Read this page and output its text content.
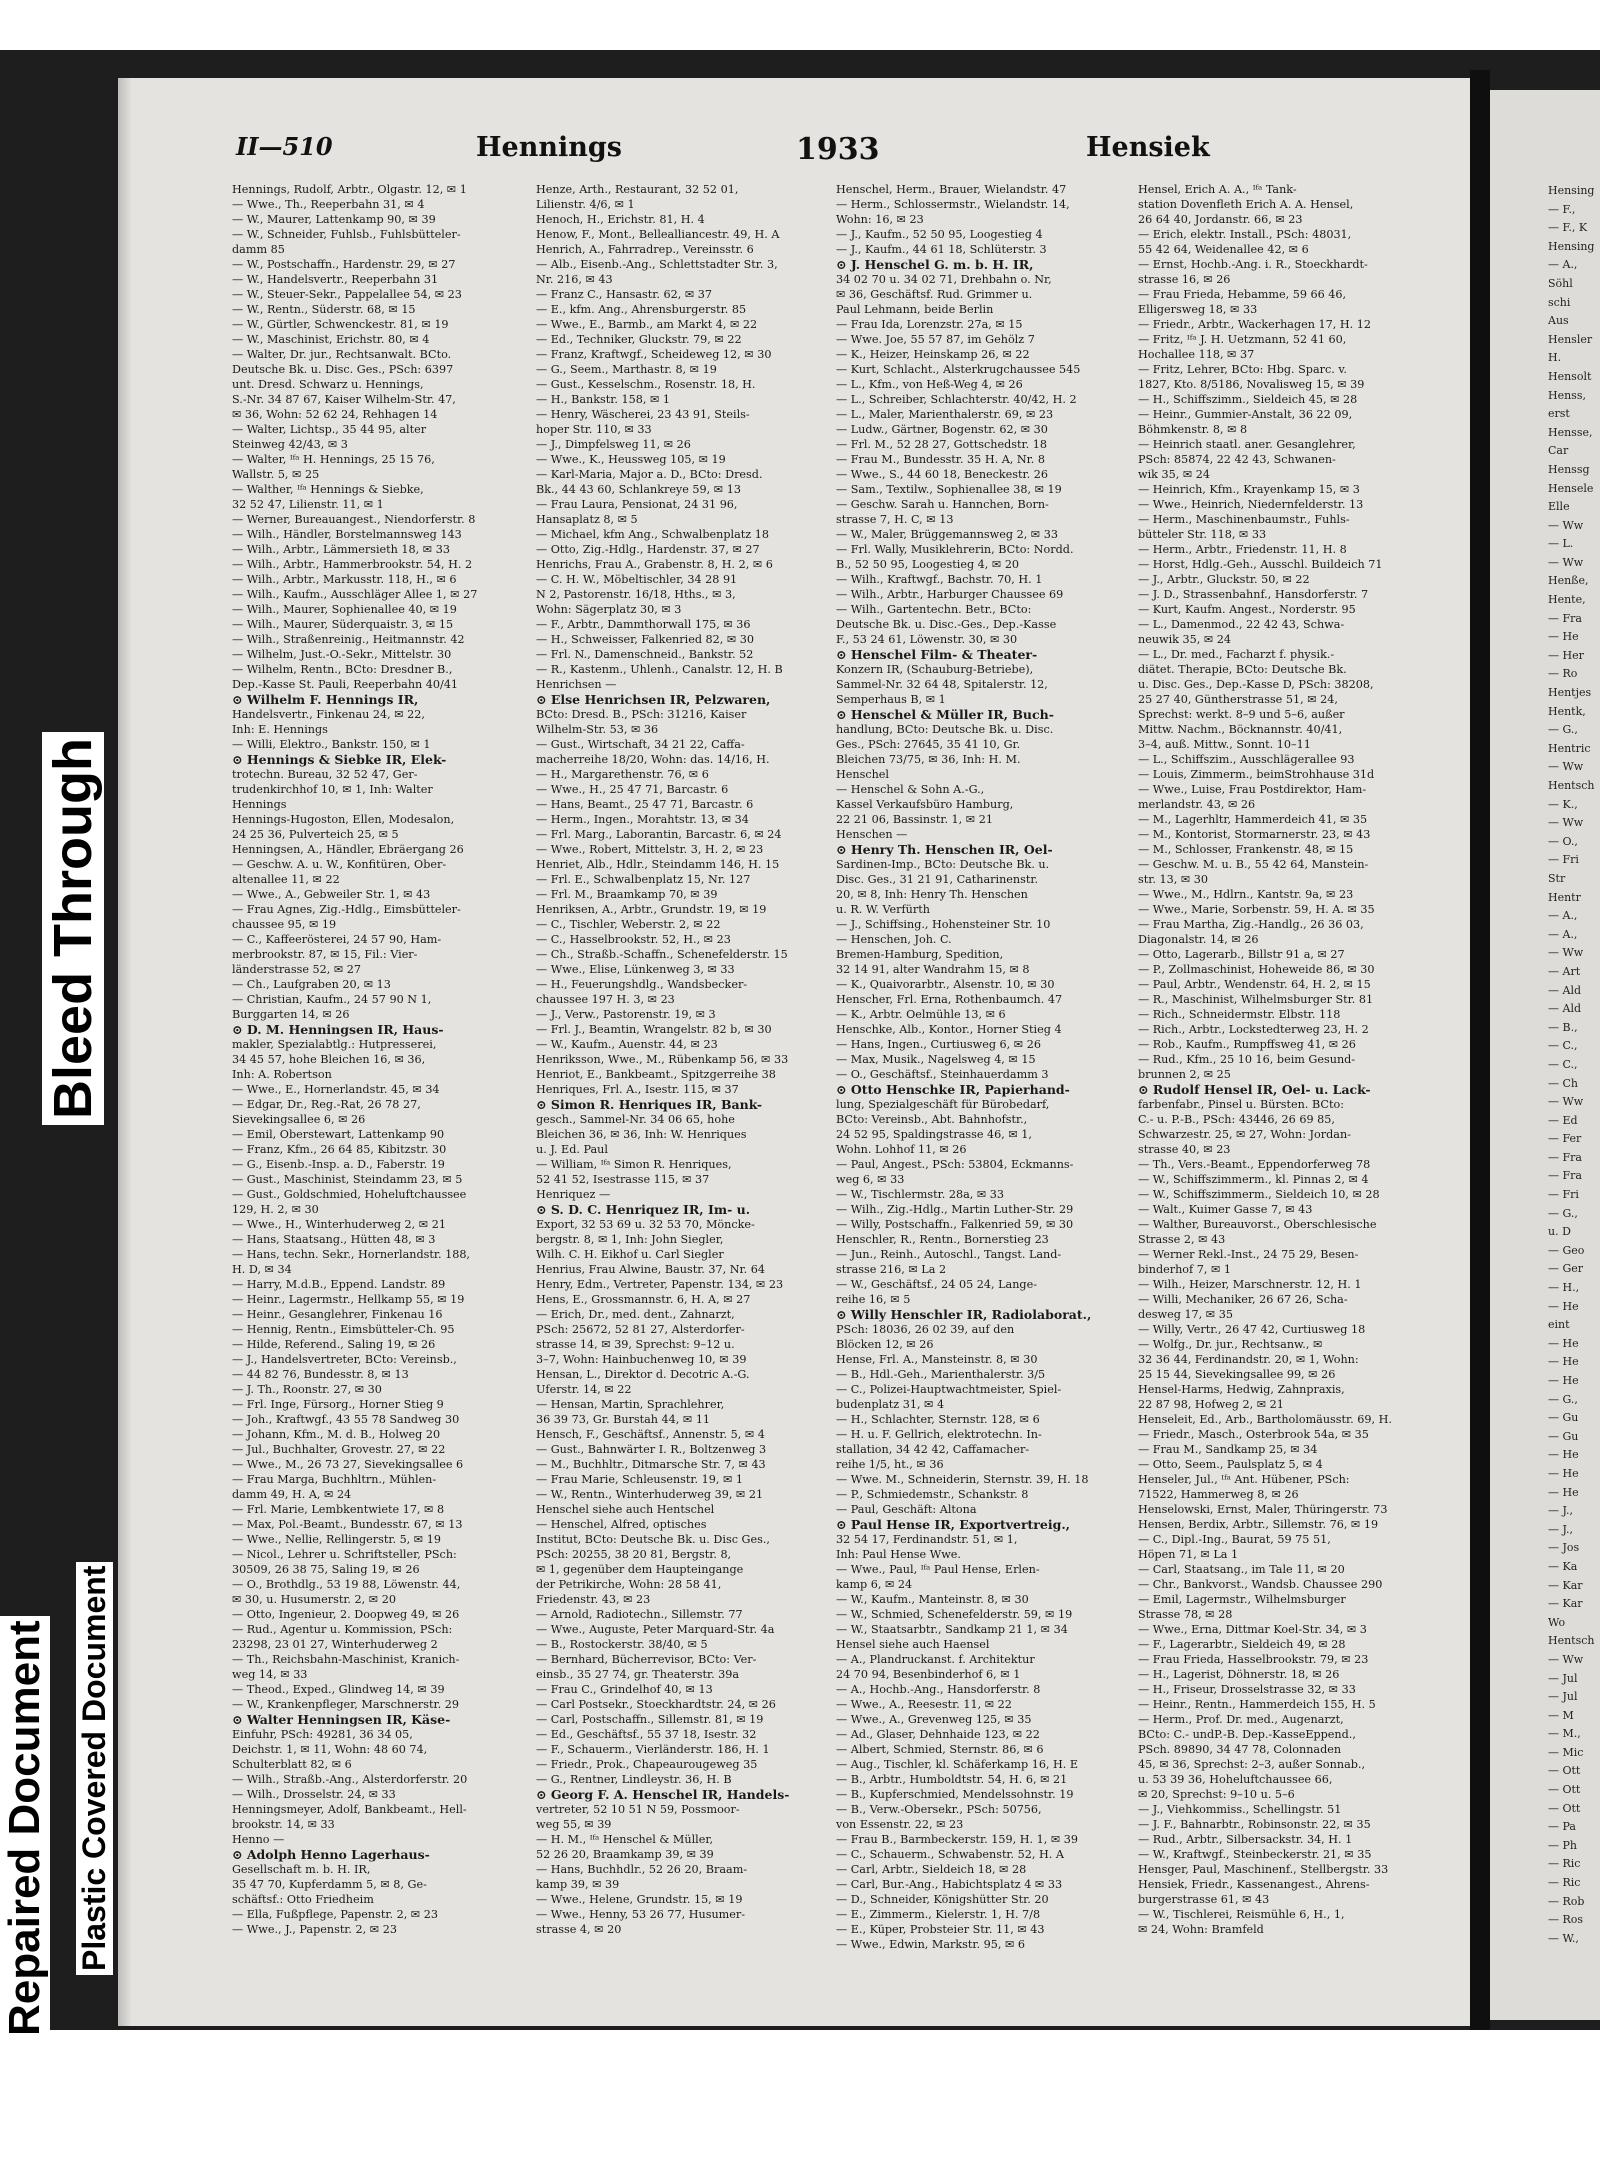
Bleed Through
Repaired Document Plastic Covered Document
II—510	Hennings	1933	Hensiek
Hennings, Rudolf, Arbtr., Olgastr. 12, ✉ 1
— Wwe., Th., Reeperbahn 31, ✉ 4
— W., Maurer, Lattenkamp 90, ✉ 39
— W., Schneider, Fuhlsb., Fuhlsbütteler-
damm 85
— W., Postschaffn., Hardenstr. 29, ✉ 27
— W., Handelsvertr., Reeperbahn 31
— W., Steuer-Sekr., Pappelallee 54, ✉ 23
— W., Rentn., Süderstr. 68, ✉ 15
— W., Gürtler, Schwenckestr. 81, ✉ 19
— W., Maschinist, Erichstr. 80, ✉ 4
— Walter, Dr. jur., Rechtsanwalt. BCto.
Deutsche Bk. u. Disc. Ges., PSch: 6397
unt. Dresd. Schwarz u. Hennings,
S.-Nr. 34 87 67, Kaiser Wilhelm-Str. 47,
✉ 36, Wohn: 52 62 24, Rehhagen 14
— Walter, Lichtsp., 35 44 95, alter
Steinweg 42/43, ✉ 3
— Walter, ᴵᶠᵃ H. Hennings, 25 15 76,
Wallstr. 5, ✉ 25
— Walther, ᴵᶠᵃ Hennings & Siebke,
32 52 47, Lilienstr. 11, ✉ 1
— Werner, Bureauangest., Niendorferstr. 8
— Wilh., Händler, Borstelmannsweg 143
— Wilh., Arbtr., Lämmersieth 18, ✉ 33
— Wilh., Arbtr., Hammerbrookstr. 54, H. 2
— Wilh., Arbtr., Markusstr. 118, H., ✉ 6
— Wilh., Kaufm., Ausschläger Allee 1, ✉ 27
— Wilh., Maurer, Sophienallee 40, ✉ 19
— Wilh., Maurer, Süderquaistr. 3, ✉ 15
— Wilh., Straßenreinig., Heitmannstr. 42
— Wilhelm, Just.-O.-Sekr., Mittelstr. 30
— Wilhelm, Rentn., BCto: Dresdner B.,
Dep.-Kasse St. Pauli, Reeperbahn 40/41
⊙ Wilhelm F. Hennings IR,
Handelsvertr., Finkenau 24, ✉ 22,
Inh: E. Hennings
— Willi, Elektro., Bankstr. 150, ✉ 1
⊙ Hennings & Siebke IR, Elek-
trotechn. Bureau, 32 52 47, Ger-
trudenkirchhof 10, ✉ 1, Inh: Walter
Hennings
Hennings-Hugoston, Ellen, Modesalon,
24 25 36, Pulverteich 25, ✉ 5
Henningsen, A., Händler, Ebräergang 26
— Geschw. A. u. W., Konfitüren, Ober-
altenallee 11, ✉ 22
— Wwe., A., Gebweiler Str. 1, ✉ 43
— Frau Agnes, Zig.-Hdlg., Eimsbütteler-
chaussee 95, ✉ 19
— C., Kaffeerösterei, 24 57 90, Ham-
merbrookstr. 87, ✉ 15, Fil.: Vier-
länderstrasse 52, ✉ 27
— Ch., Laufgraben 20, ✉ 13
— Christian, Kaufm., 24 57 90 N 1,
Burggarten 14, ✉ 26
⊙ D. M. Henningsen IR, Haus-
makler, Spezialabtlg.: Hutpresserei,
34 45 57, hohe Bleichen 16, ✉ 36,
Inh: A. Robertson
— Wwe., E., Hornerlandstr. 45, ✉ 34
— Edgar, Dr., Reg.-Rat, 26 78 27,
Sievekingsallee 6, ✉ 26
— Emil, Oberstewart, Lattenkamp 90
— Franz, Kfm., 26 64 85, Kibitzstr. 30
— G., Eisenb.-Insp. a. D., Faberstr. 19
— Gust., Maschinist, Steindamm 23, ✉ 5
— Gust., Goldschmied, Hoheluftchaussee
129, H. 2, ✉ 30
— Wwe., H., Winterhuderweg 2, ✉ 21
— Hans, Staatsang., Hütten 48, ✉ 3
— Hans, techn. Sekr., Hornerlandstr. 188,
H. D, ✉ 34
— Harry, M.d.B., Eppend. Landstr. 89
— Heinr., Lagermstr., Hellkamp 55, ✉ 19
— Heinr., Gesanglehrer, Finkenau 16
— Hennig, Rentn., Eimsbütteler-Ch. 95
— Hilde, Referend., Saling 19, ✉ 26
— J., Handelsvertreter, BCto: Vereinsb.,
— 44 82 76, Bundesstr. 8, ✉ 13
— J. Th., Roonstr. 27, ✉ 30
— Frl. Inge, Fürsorg., Horner Stieg 9
— Joh., Kraftwgf., 43 55 78 Sandweg 30
— Johann, Kfm., M. d. B., Holweg 20
— Jul., Buchhalter, Grovestr. 27, ✉ 22
— Wwe., M., 26 73 27, Sievekingsallee 6
— Frau Marga, Buchhltrn., Mühlen-
damm 49, H. A, ✉ 24
— Frl. Marie, Lembkentwiete 17, ✉ 8
— Max, Pol.-Beamt., Bundesstr. 67, ✉ 13
— Wwe., Nellie, Rellingerstr. 5, ✉ 19
— Nicol., Lehrer u. Schriftsteller, PSch:
30509, 26 38 75, Saling 19, ✉ 26
— O., Brothdlg., 53 19 88, Löwenstr. 44,
✉ 30, u. Husumerstr. 2, ✉ 20
— Otto, Ingenieur, 2. Doopweg 49, ✉ 26
— Rud., Agentur u. Kommission, PSch:
23298, 23 01 27, Winterhuderweg 2
— Th., Reichsbahn-Maschinist, Kranich-
weg 14, ✉ 33
— Theod., Exped., Glindweg 14, ✉ 39
— W., Krankenpfleger, Marschnerstr. 29
⊙ Walter Henningsen IR, Käse-
Einfuhr, PSch: 49281, 36 34 05,
Deichstr. 1, ✉ 11, Wohn: 48 60 74,
Schulterblatt 82, ✉ 6
— Wilh., Straßb.-Ang., Alsterdorferstr. 20
— Wilh., Drosselstr. 24, ✉ 33
Henningsmeyer, Adolf, Bankbeamt., Hell-
brookstr. 14, ✉ 33
Henno —
⊙ Adolph Henno Lagerhaus-
Gesellschaft m. b. H. IR,
35 47 70, Kupferdamm 5, ✉ 8, Ge-
schäftsf.: Otto Friedheim
— Ella, Fußpflege, Papenstr. 2, ✉ 23
— Wwe., J., Papenstr. 2, ✉ 23
Henze, Arth., Restaurant, 32 52 01,
Lilienstr. 4/6, ✉ 1
Henoch, H., Erichstr. 81, H. 4
Henow, F., Mont., Bellealliancestr. 49, H. A
Henrich, A., Fahrradrep., Vereinsstr. 6
— Alb., Eisenb.-Ang., Schlettstadter Str. 3,
Nr. 216, ✉ 43
— Franz C., Hansastr. 62, ✉ 37
— E., kfm. Ang., Ahrensburgerstr. 85
— Wwe., E., Barmb., am Markt 4, ✉ 22
— Ed., Techniker, Gluckstr. 79, ✉ 22
— Franz, Kraftwgf., Scheideweg 12, ✉ 30
— G., Seem., Marthastr. 8, ✉ 19
— Gust., Kesselschm., Rosenstr. 18, H.
— H., Bankstr. 158, ✉ 1
— Henry, Wäscherei, 23 43 91, Steils-
hoper Str. 110, ✉ 33
— J., Dimpfelsweg 11, ✉ 26
— Wwe., K., Heussweg 105, ✉ 19
— Karl-Maria, Major a. D., BCto: Dresd.
Bk., 44 43 60, Schlankreye 59, ✉ 13
— Frau Laura, Pensionat, 24 31 96,
Hansaplatz 8, ✉ 5
— Michael, kfm Ang., Schwalbenplatz 18
— Otto, Zig.-Hdlg., Hardenstr. 37, ✉ 27
Henrichs, Frau A., Grabenstr. 8, H. 2, ✉ 6
— C. H. W., Möbeltischler, 34 28 91
N 2, Pastorenstr. 16/18, Hths., ✉ 3,
Wohn: Sägerplatz 30, ✉ 3
— F., Arbtr., Dammthorwall 175, ✉ 36
— H., Schweisser, Falkenried 82, ✉ 30
— Frl. N., Damenschneid., Bankstr. 52
— R., Kastenm., Uhlenh., Canalstr. 12, H. B
Henrichsen —
⊙ Else Henrichsen IR, Pelzwaren,
BCto: Dresd. B., PSch: 31216, Kaiser
Wilhelm-Str. 53, ✉ 36
— Gust., Wirtschaft, 34 21 22, Caffa-
macherreihe 18/20, Wohn: das. 14/16, H.
— H., Margarethenstr. 76, ✉ 6
— Wwe., H., 25 47 71, Barcastr. 6
— Hans, Beamt., 25 47 71, Barcastr. 6
— Herm., Ingen., Morahtstr. 13, ✉ 34
— Frl. Marg., Laborantin, Barcastr. 6, ✉ 24
— Wwe., Robert, Mittelstr. 3, H. 2, ✉ 23
Henriet, Alb., Hdlr., Steindamm 146, H. 15
— Frl. E., Schwalbenplatz 15, Nr. 127
— Frl. M., Braamkamp 70, ✉ 39
Henriksen, A., Arbtr., Grundstr. 19, ✉ 19
— C., Tischler, Weberstr. 2, ✉ 22
— C., Hasselbrookstr. 52, H., ✉ 23
— Ch., Straßb.-Schaffn., Schenefelderstr. 15
— Wwe., Elise, Lünkenweg 3, ✉ 33
— H., Feuerungshdlg., Wandsbecker-
chaussee 197 H. 3, ✉ 23
— J., Verw., Pastorenstr. 19, ✉ 3
— Frl. J., Beamtin, Wrangelstr. 82 b, ✉ 30
— W., Kaufm., Auenstr. 44, ✉ 23
Henriksson, Wwe., M., Rübenkamp 56, ✉ 33
Henriot, E., Bankbeamt., Spitzgerreihe 38
Henriques, Frl. A., Isestr. 115, ✉ 37
⊙ Simon R. Henriques IR, Bank-
gesch., Sammel-Nr. 34 06 65, hohe
Bleichen 36, ✉ 36, Inh: W. Henriques
u. J. Ed. Paul
— William, ᴵᶠᵃ Simon R. Henriques,
52 41 52, Isestrasse 115, ✉ 37
Henriquez —
⊙ S. D. C. Henriquez IR, Im- u.
Export, 32 53 69 u. 32 53 70, Möncke-
bergstr. 8, ✉ 1, Inh: John Siegler,
Wilh. C. H. Eikhof u. Carl Siegler
Henrius, Frau Alwine, Baustr. 37, Nr. 64
Henry, Edm., Vertreter, Papenstr. 134, ✉ 23
Hens, E., Grossmannstr. 6, H. A, ✉ 27
— Erich, Dr., med. dent., Zahnarzt,
PSch: 25672, 52 81 27, Alsterdorfer-
strasse 14, ✉ 39, Sprechst: 9–12 u.
3–7, Wohn: Hainbuchenweg 10, ✉ 39
Hensan, L., Direktor d. Decotric A.-G.
Uferstr. 14, ✉ 22
— Hensan, Martin, Sprachlehrer,
36 39 73, Gr. Burstah 44, ✉ 11
Hensch, F., Geschäftsf., Annenstr. 5, ✉ 4
— Gust., Bahnwärter I. R., Boltzenweg 3
— M., Buchhltr., Ditmarsche Str. 7, ✉ 43
— Frau Marie, Schleusenstr. 19, ✉ 1
— W., Rentn., Winterhuderweg 39, ✉ 21
Henschel siehe auch Hentschel
— Henschel, Alfred, optisches
Institut, BCto: Deutsche Bk. u. Disc Ges.,
PSch: 20255, 38 20 81, Bergstr. 8,
✉ 1, gegenüber dem Haupteingange
der Petrikirche, Wohn: 28 58 41,
Friedenstr. 43, ✉ 23
— Arnold, Radiotechn., Sillemstr. 77
— Wwe., Auguste, Peter Marquard-Str. 4a
— B., Rostockerstr. 38/40, ✉ 5
— Bernhard, Bücherrevisor, BCto: Ver-
einsb., 35 27 74, gr. Theaterstr. 39a
— Frau C., Grindelhof 40, ✉ 13
— Carl Postsekr., Stoeckhardtstr. 24, ✉ 26
— Carl, Postschaffn., Sillemstr. 81, ✉ 19
— Ed., Geschäftsf., 55 37 18, Isestr. 32
— F., Schauerm., Vierländerstr. 186, H. 1
— Friedr., Prok., Chapeaurougeweg 35
— G., Rentner, Lindleystr. 36, H. B
⊙ Georg F. A. Henschel IR, Handels-
vertreter, 52 10 51 N 59, Possmoor-
weg 55, ✉ 39
— H. M., ᴵᶠᵃ Henschel & Müller,
52 26 20, Braamkamp 39, ✉ 39
— Hans, Buchhdlr., 52 26 20, Braam-
kamp 39, ✉ 39
— Wwe., Helene, Grundstr. 15, ✉ 19
— Wwe., Henny, 53 26 77, Husumer-
strasse 4, ✉ 20
Henschel, Herm., Brauer, Wielandstr. 47
— Herm., Schlossermstr., Wielandstr. 14,
Wohn: 16, ✉ 23
— J., Kaufm., 52 50 95, Loogestieg 4
— J., Kaufm., 44 61 18, Schlüterstr. 3
⊙ J. Henschel G. m. b. H. IR,
34 02 70 u. 34 02 71, Drehbahn o. Nr,
✉ 36, Geschäftsf. Rud. Grimmer u.
Paul Lehmann, beide Berlin
— Frau Ida, Lorenzstr. 27a, ✉ 15
— Wwe. Joe, 55 57 87, im Gehölz 7
— K., Heizer, Heinskamp 26, ✉ 22
— Kurt, Schlacht., Alsterkrugchaussee 545
— L., Kfm., von Heß-Weg 4, ✉ 26
— L., Schreiber, Schlachterstr. 40/42, H. 2
— L., Maler, Marienthalerstr. 69, ✉ 23
— Ludw., Gärtner, Bogenstr. 62, ✉ 30
— Frl. M., 52 28 27, Gottschedstr. 18
— Frau M., Bundesstr. 35 H. A, Nr. 8
— Wwe., S., 44 60 18, Beneckestr. 26
— Sam., Textilw., Sophienallee 38, ✉ 19
— Geschw. Sarah u. Hannchen, Born-
strasse 7, H. C, ✉ 13
— W., Maler, Brüggemannsweg 2, ✉ 33
— Frl. Wally, Musiklehrerin, BCto: Nordd.
B., 52 50 95, Loogestieg 4, ✉ 20
— Wilh., Kraftwgf., Bachstr. 70, H. 1
— Wilh., Arbtr., Harburger Chaussee 69
— Wilh., Gartentechn. Betr., BCto:
Deutsche Bk. u. Disc.-Ges., Dep.-Kasse
F., 53 24 61, Löwenstr. 30, ✉ 30
⊙ Henschel Film- & Theater-
Konzern IR, (Schauburg-Betriebe),
Sammel-Nr. 32 64 48, Spitalerstr. 12,
Semperhaus B, ✉ 1
⊙ Henschel & Müller IR, Buch-
handlung, BCto: Deutsche Bk. u. Disc.
Ges., PSch: 27645, 35 41 10, Gr.
Bleichen 73/75, ✉ 36, Inh: H. M.
Henschel
— Henschel & Sohn A.-G.,
Kassel Verkaufsbüro Hamburg,
22 21 06, Bassinstr. 1, ✉ 21
Henschen —
⊙ Henry Th. Henschen IR, Oel-
Sardinen-Imp., BCto: Deutsche Bk. u.
Disc. Ges., 31 21 91, Catharinenstr.
20, ✉ 8, Inh: Henry Th. Henschen
u. R. W. Verfürth
— J., Schiffsing., Hohensteiner Str. 10
— Henschen, Joh. C.
Bremen-Hamburg, Spedition,
32 14 91, alter Wandrahm 15, ✉ 8
— K., Quaivorarbtr., Alsenstr. 10, ✉ 30
Henscher, Frl. Erna, Rothenbaumch. 47
— K., Arbtr. Oelmühle 13, ✉ 6
Henschke, Alb., Kontor., Horner Stieg 4
— Hans, Ingen., Curtiusweg 6, ✉ 26
— Max, Musik., Nagelsweg 4, ✉ 15
— O., Geschäftsf., Steinhauerdamm 3
⊙ Otto Henschke IR, Papierhand-
lung, Spezialgeschäft für Bürobedarf,
BCto: Vereinsb., Abt. Bahnhofstr.,
24 52 95, Spaldingstrasse 46, ✉ 1,
Wohn. Lohhof 11, ✉ 26
— Paul, Angest., PSch: 53804, Eckmanns-
weg 6, ✉ 33
— W., Tischlermstr. 28a, ✉ 33
— Wilh., Zig.-Hdlg., Martin Luther-Str. 29
— Willy, Postschaffn., Falkenried 59, ✉ 30
Henschler, R., Rentn., Bornerstieg 23
— Jun., Reinh., Autoschl., Tangst. Land-
strasse 216, ✉ La 2
— W., Geschäftsf., 24 05 24, Lange-
reihe 16, ✉ 5
⊙ Willy Henschler IR, Radiolaborat.,
PSch: 18036, 26 02 39, auf den
Blöcken 12, ✉ 26
Hense, Frl. A., Mansteinstr. 8, ✉ 30
— B., Hdl.-Geh., Marienthalerstr. 3/5
— C., Polizei-Hauptwachtmeister, Spiel-
budenplatz 31, ✉ 4
— H., Schlachter, Sternstr. 128, ✉ 6
— H. u. F. Gellrich, elektrotechn. In-
stallation, 34 42 42, Caffamacher-
reihe 1/5, ht., ✉ 36
— Wwe. M., Schneiderin, Sternstr. 39, H. 18
— P., Schmiedemstr., Schankstr. 8
— Paul, Geschäft: Altona
⊙ Paul Hense IR, Exportvertreig.,
32 54 17, Ferdinandstr. 51, ✉ 1,
Inh: Paul Hense Wwe.
— Wwe., Paul, ᴵᶠᵃ Paul Hense, Erlen-
kamp 6, ✉ 24
— W., Kaufm., Manteinstr. 8, ✉ 30
— W., Schmied, Schenefelderstr. 59, ✉ 19
— W., Staatsarbtr., Sandkamp 21 1, ✉ 34
Hensel siehe auch Haensel
— A., Plandruckanst. f. Architektur
24 70 94, Besenbinderhof 6, ✉ 1
— A., Hochb.-Ang., Hansdorferstr. 8
— Wwe., A., Reesestr. 11, ✉ 22
— Wwe., A., Grevenweg 125, ✉ 35
— Ad., Glaser, Dehnhaide 123, ✉ 22
— Albert, Schmied, Sternstr. 86, ✉ 6
— Aug., Tischler, kl. Schäferkamp 16, H. E
— B., Arbtr., Humboldtstr. 54, H. 6, ✉ 21
— B., Kupferschmied, Mendelssohnstr. 19
— B., Verw.-Obersekr., PSch: 50756,
von Essenstr. 22, ✉ 23
— Frau B., Barmbeckerstr. 159, H. 1, ✉ 39
— C., Schauerm., Schwabenstr. 52, H. A
— Carl, Arbtr., Sieldeich 18, ✉ 28
— Carl, Bur.-Ang., Habichtsplatz 4 ✉ 33
— D., Schneider, Königshütter Str. 20
— E., Zimmerm., Kielerstr. 1, H. 7/8
— E., Küper, Probsteier Str. 11, ✉ 43
— Wwe., Edwin, Markstr. 95, ✉ 6
Hensel, Erich A. A., ᴵᶠᵃ Tank-
station Dovenfleth Erich A. A. Hensel,
26 64 40, Jordanstr. 66, ✉ 23
— Erich, elektr. Install., PSch: 48031,
55 42 64, Weidenallee 42, ✉ 6
— Ernst, Hochb.-Ang. i. R., Stoeckhardt-
strasse 16, ✉ 26
— Frau Frieda, Hebamme, 59 66 46,
Elligersweg 18, ✉ 33
— Friedr., Arbtr., Wackerhagen 17, H. 12
— Fritz, ᴵᶠᵃ J. H. Uetzmann, 52 41 60,
Hochallee 118, ✉ 37
— Fritz, Lehrer, BCto: Hbg. Sparc. v.
1827, Kto. 8/5186, Novalisweg 15, ✉ 39
— H., Schiffszimm., Sieldeich 45, ✉ 28
— Heinr., Gummier-Anstalt, 36 22 09,
Böhmkenstr. 8, ✉ 8
— Heinrich staatl. aner. Gesanglehrer,
PSch: 85874, 22 42 43, Schwanen-
wik 35, ✉ 24
— Heinrich, Kfm., Krayenkamp 15, ✉ 3
— Wwe., Heinrich, Niedernfelderstr. 13
— Herm., Maschinenbaumstr., Fuhls-
bütteler Str. 118, ✉ 33
— Herm., Arbtr., Friedenstr. 11, H. 8
— Horst, Hdlg.-Geh., Ausschl. Buildeich 71
— J., Arbtr., Gluckstr. 50, ✉ 22
— J. D., Strassenbahnf., Hansdorferstr. 7
— Kurt, Kaufm. Angest., Norderstr. 95
— L., Damenmod., 22 42 43, Schwa-
neuwik 35, ✉ 24
— L., Dr. med., Facharzt f. physik.-
diätet. Therapie, BCto: Deutsche Bk.
u. Disc. Ges., Dep.-Kasse D, PSch: 38208,
25 27 40, Güntherstrasse 51, ✉ 24,
Sprechst: werkt. 8–9 und 5–6, außer
Mittw. Nachm., Böcknannstr. 40/41,
3–4, auß. Mittw., Sonnt. 10–11
— L., Schiffszim., Ausschlägerallee 93
— Louis, Zimmerm., beimStrohhause 31d
— Wwe., Luise, Frau Postdirektor, Ham-
merlandstr. 43, ✉ 26
— M., Lagerhltr, Hammerdeich 41, ✉ 35
— M., Kontorist, Stormarnerstr. 23, ✉ 43
— M., Schlosser, Frankenstr. 48, ✉ 15
— Geschw. M. u. B., 55 42 64, Manstein-
str. 13, ✉ 30
— Wwe., M., Hdlrn., Kantstr. 9a, ✉ 23
— Wwe., Marie, Sorbenstr. 59, H. A. ✉ 35
— Frau Martha, Zig.-Handlg., 26 36 03,
Diagonalstr. 14, ✉ 26
— Otto, Lagerarb., Billstr 91 a, ✉ 27
— P., Zollmaschinist, Hoheweide 86, ✉ 30
— Paul, Arbtr., Wendenstr. 64, H. 2, ✉ 15
— R., Maschinist, Wilhelmsburger Str. 81
— Rich., Schneidermstr. Elbstr. 118
— Rich., Arbtr., Lockstedterweg 23, H. 2
— Rob., Kaufm., Rumpffsweg 41, ✉ 26
— Rud., Kfm., 25 10 16, beim Gesund-
brunnen 2, ✉ 25
⊙ Rudolf Hensel IR, Oel- u. Lack-
farbenfabr., Pinsel u. Bürsten. BCto:
C.- u. P.-B., PSch: 43446, 26 69 85,
Schwarzestr. 25, ✉ 27, Wohn: Jordan-
strasse 40, ✉ 23
— Th., Vers.-Beamt., Eppendorferweg 78
— W., Schiffszimmerm., kl. Pinnas 2, ✉ 4
— W., Schiffszimmerm., Sieldeich 10, ✉ 28
— Walt., Kuimer Gasse 7, ✉ 43
— Walther, Bureauvorst., Oberschlesische
Strasse 2, ✉ 43
— Werner Rekl.-Inst., 24 75 29, Besen-
binderhof 7, ✉ 1
— Wilh., Heizer, Marschnerstr. 12, H. 1
— Willi, Mechaniker, 26 67 26, Scha-
desweg 17, ✉ 35
— Willy, Vertr., 26 47 42, Curtiusweg 18
— Wolfg., Dr. jur., Rechtsanw., ✉
32 36 44, Ferdinandstr. 20, ✉ 1, Wohn:
25 15 44, Sievekingsallee 99, ✉ 26
Hensel-Harms, Hedwig, Zahnpraxis,
22 87 98, Hofweg 2, ✉ 21
Henseleit, Ed., Arb., Bartholomäusstr. 69, H.
— Friedr., Masch., Osterbrook 54a, ✉ 35
— Frau M., Sandkamp 25, ✉ 34
— Otto, Seem., Paulsplatz 5, ✉ 4
Henseler, Jul., ᴵᶠᵃ Ant. Hübener, PSch:
71522, Hammerweg 8, ✉ 26
Henselowski, Ernst, Maler, Thüringerstr. 73
Hensen, Berdix, Arbtr., Sillemstr. 76, ✉ 19
— C., Dipl.-Ing., Baurat, 59 75 51,
Höpen 71, ✉ La 1
— Carl, Staatsang., im Tale 11, ✉ 20
— Chr., Bankvorst., Wandsb. Chaussee 290
— Emil, Lagermstr., Wilhelmsburger
Strasse 78, ✉ 28
— Wwe., Erna, Dittmar Koel-Str. 34, ✉ 3
— F., Lagerarbtr., Sieldeich 49, ✉ 28
— Frau Frieda, Hasselbrookstr. 79, ✉ 23
— H., Lagerist, Döhnerstr. 18, ✉ 26
— H., Friseur, Drosselstrasse 32, ✉ 33
— Heinr., Rentn., Hammerdeich 155, H. 5
— Herm., Prof. Dr. med., Augenarzt,
BCto: C.- undP.-B. Dep.-KasseEppend.,
PSch. 89890, 34 47 78, Colonnaden
45, ✉ 36, Sprechst: 2–3, außer Sonnab.,
u. 53 39 36, Hoheluftchaussee 66,
✉ 20, Sprechst: 9–10 u. 5–6
— J., Viehkommiss., Schellingstr. 51
— J. F., Bahnarbtr., Robinsonstr. 22, ✉ 35
— Rud., Arbtr., Silbersackstr. 34, H. 1
— W., Kraftwgf., Steinbeckerstr. 21, ✉ 35
Hensger, Paul, Maschinenf., Stellbergstr. 33
Hensiek, Friedr., Kassenangest., Ahrens-
burgerstrasse 61, ✉ 43
— W., Tischlerei, Reismühle 6, H., 1,
✉ 24, Wohn: Bramfeld
Hensing
— F.,
— F., K
Hensing
— A.,
Söhl
schi
Aus
Hensler
H.
Hensolt
Henss,
erst
Hensse,
Car
Henssg
Hensele
Elle
— Ww
— L.
— Ww
Henße,
Hente,
— Fra
— He
— Her
— Ro
Hentjes
Hentk,
— G.,
Hentric
— Ww
Hentsch
— K.,
— Ww
— O.,
— Fri
Str
Hentr
— A.,
— A.,
— Ww
— Art
— Ald
— Ald
— B.,
— C.,
— C.,
— Ch
— Ww
— Ed
— Fer
— Fra
— Fra
— Fri
— G.,
u. D
— Geo
— Ger
— H.,
— He
eint
— He
— He
— He
— G.,
— Gu
— Gu
— He
— He
— He
— J.,
— J.,
— Jos
— Ka
— Kar
— Kar
Wo
Hentsch
— Ww
— Jul
— Jul
— M
— M.,
— Mic
— Ott
— Ott
— Ott
— Pa
— Ph
— Ric
— Ric
— Rob
— Ros
— W.,
